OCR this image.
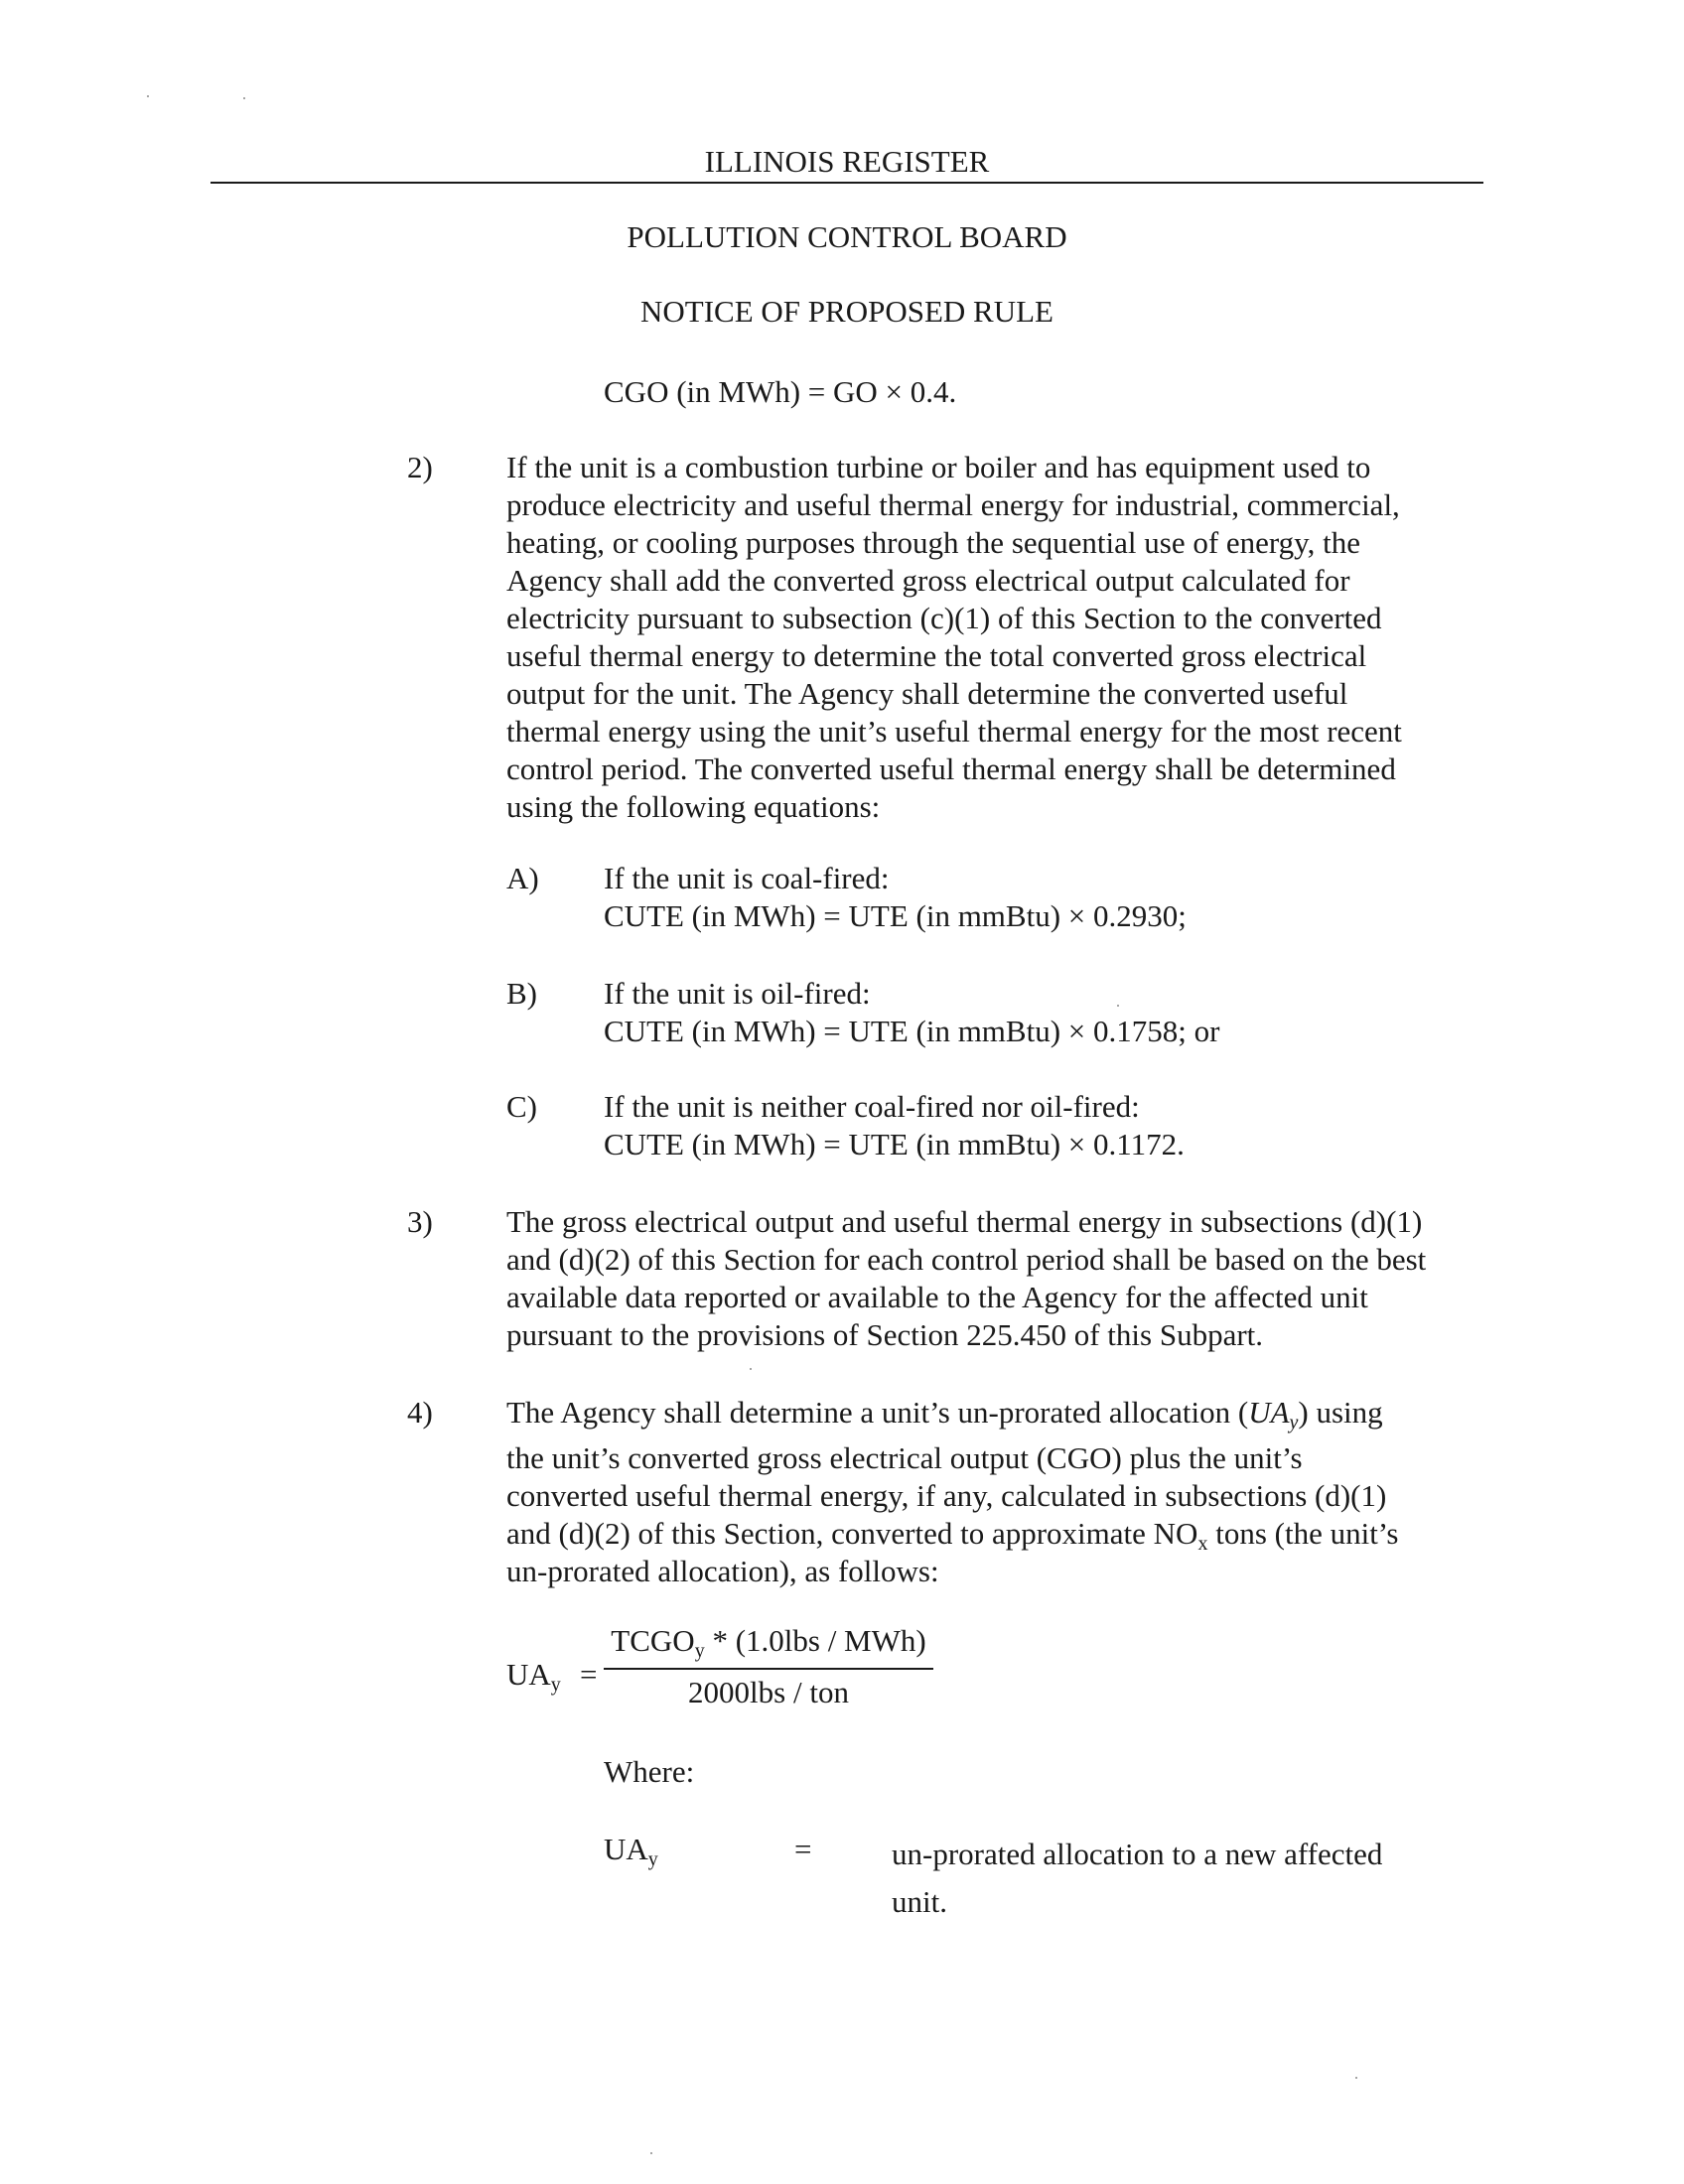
ILLINOIS REGISTER
POLLUTION CONTROL BOARD
NOTICE OF PROPOSED RULE
CGO (in MWh) = GO × 0.4.
2) If the unit is a combustion turbine or boiler and has equipment used to
produce electricity and useful thermal energy for industrial, commercial,
heating, or cooling purposes through the sequential use of energy, the
Agency shall add the converted gross electrical output calculated for
electricity pursuant to subsection (c)(1) of this Section to the converted
useful thermal energy to determine the total converted gross electrical
output for the unit. The Agency shall determine the converted useful
thermal energy using the unit’s useful thermal energy for the most recent
control period. The converted useful thermal energy shall be determined
using the following equations:
A) If the unit is coal-fired:
CUTE (in MWh) = UTE (in mmBtu) × 0.2930;
B) If the unit is oil-fired:
CUTE (in MWh) = UTE (in mmBtu) × 0.1758; or
C) If the unit is neither coal-fired nor oil-fired:
CUTE (in MWh) = UTE (in mmBtu) × 0.1172.
3) The gross electrical output and useful thermal energy in subsections (d)(1)
and (d)(2) of this Section for each control period shall be based on the best
available data reported or available to the Agency for the affected unit
pursuant to the provisions of Section 225.450 of this Subpart.
4) The Agency shall determine a unit’s un-prorated allocation $(UA_y)$ using
the unit’s converted gross electrical output (CGO) plus the unit’s
converted useful thermal energy, if any, calculated in subsections (d)(1)
and (d)(2) of this Section, converted to approximate $NO_x$ tons (the unit’s
un-prorated allocation), as follows:
$UA_y$ =
$TCGO_y * (1.0lbs / MWh)$
2000lbs / ton
Where:
$UA_y$	=	un-prorated allocation to a new affected
unit.
